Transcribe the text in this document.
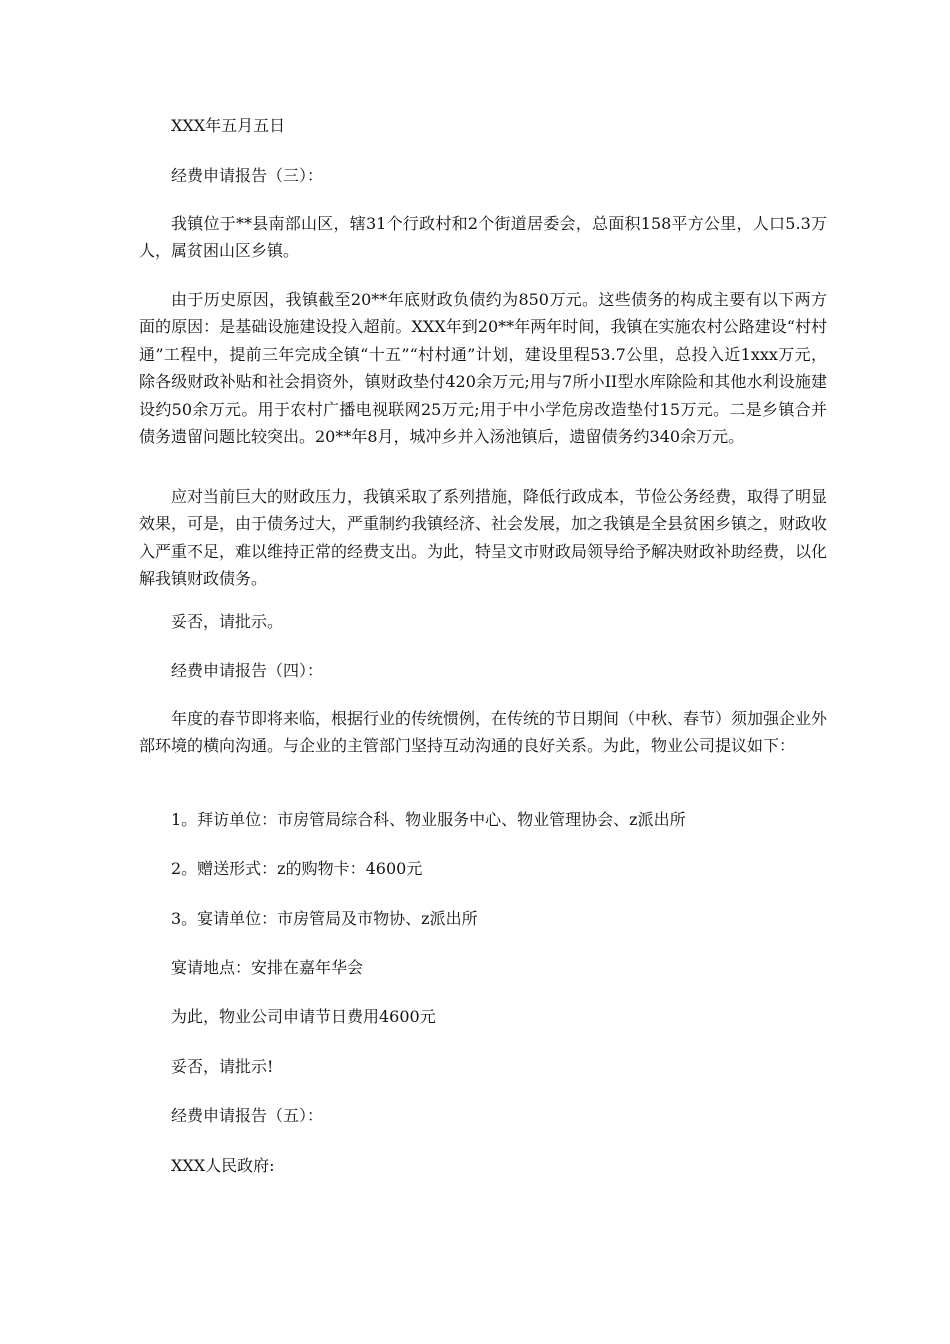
XXX年五月五日
经费申请报告（三）：
我镇位于**县南部山区，辖31个行政村和2个街道居委会，总面积158平方公里，人口5.3万人，属贫困山区乡镇。
由于历史原因，我镇截至20**年底财政负债约为850万元。这些债务的构成主要有以下两方面的原因：是基础设施建设投入超前。XXX年到20**年两年时间，我镇在实施农村公路建设“村村通”工程中，提前三年完成全镇“十五”“村村通”计划，建设里程53.7公里，总投入近1xxx万元，除各级财政补贴和社会捐资外，镇财政垫付420余万元;用与7所小II型水库除险和其他水利设施建设约50余万元。用于农村广播电视联网25万元;用于中小学危房改造垫付15万元。二是乡镇合并债务遗留问题比较突出。20**年8月，城冲乡并入汤池镇后，遗留债务约340余万元。
应对当前巨大的财政压力，我镇采取了系列措施，降低行政成本，节俭公务经费，取得了明显效果，可是，由于债务过大，严重制约我镇经济、社会发展，加之我镇是全县贫困乡镇之，财政收入严重不足，难以维持正常的经费支出。为此，特呈文市财政局领导给予解决财政补助经费，以化解我镇财政债务。
妥否，请批示。
经费申请报告（四）：
年度的春节即将来临，根据行业的传统惯例，在传统的节日期间（中秋、春节）须加强企业外部环境的横向沟通。与企业的主管部门坚持互动沟通的良好关系。为此，物业公司提议如下：
1。拜访单位：市房管局综合科、物业服务中心、物业管理协会、z派出所
2。赠送形式：z的购物卡：4600元
3。宴请单位：市房管局及市物协、z派出所
宴请地点：安排在嘉年华会
为此，物业公司申请节日费用4600元
妥否，请批示!
经费申请报告（五）：
XXX人民政府:
